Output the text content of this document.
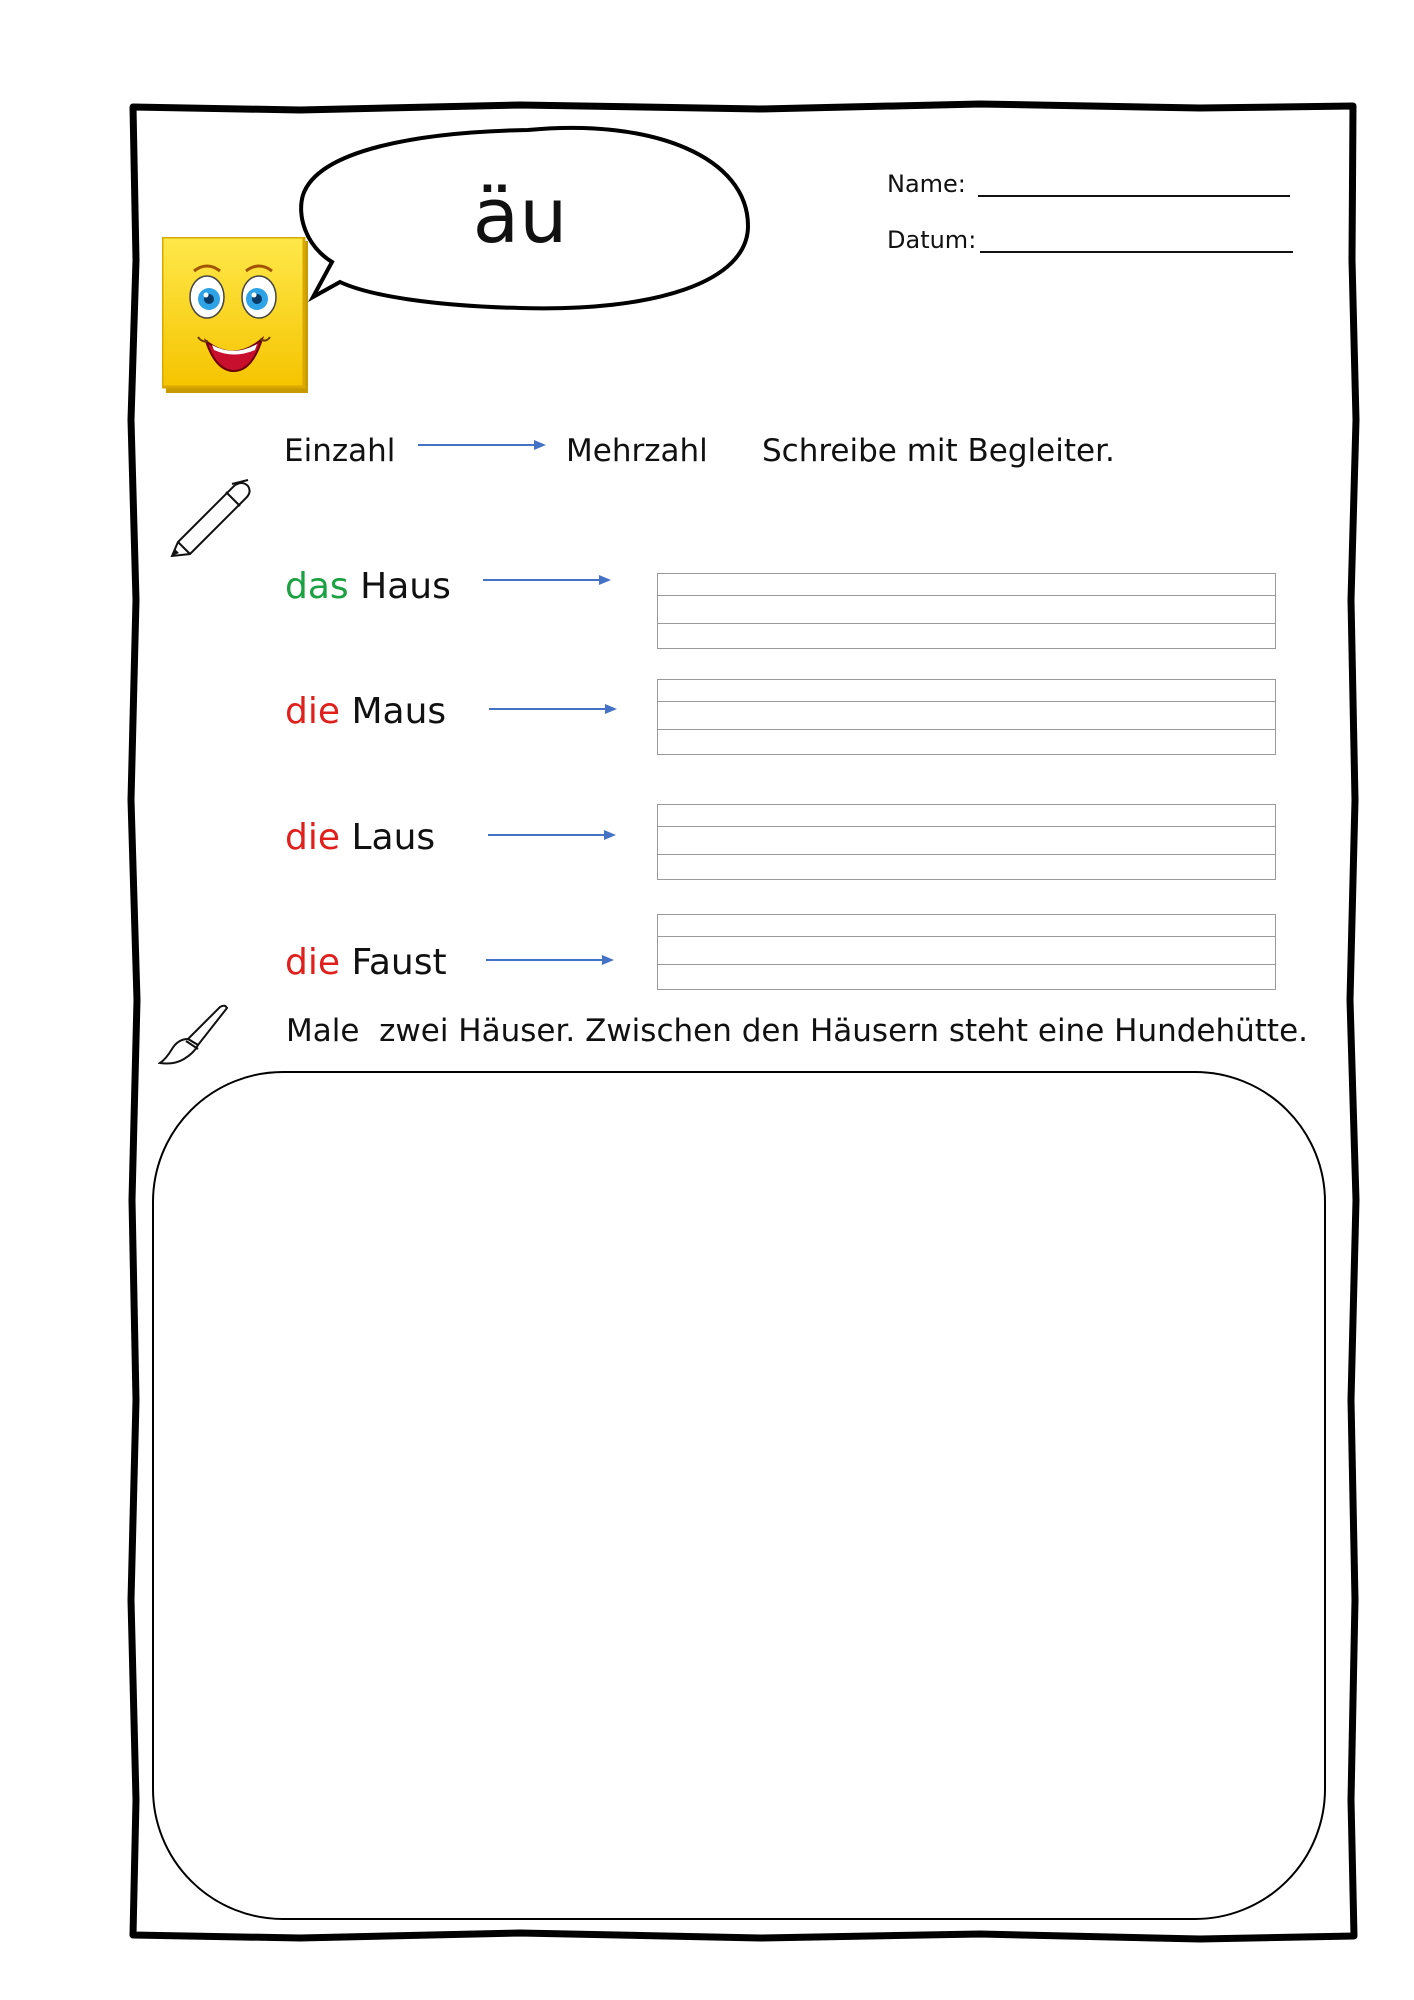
äu	Name:
Datum:
Einzahl	Mehrzahl Schreibe mit Begleiter.
das Haus
die Maus
die Laus
die Faust
Male  zwei Häuser. Zwischen den Häusern steht eine Hundehütte.
